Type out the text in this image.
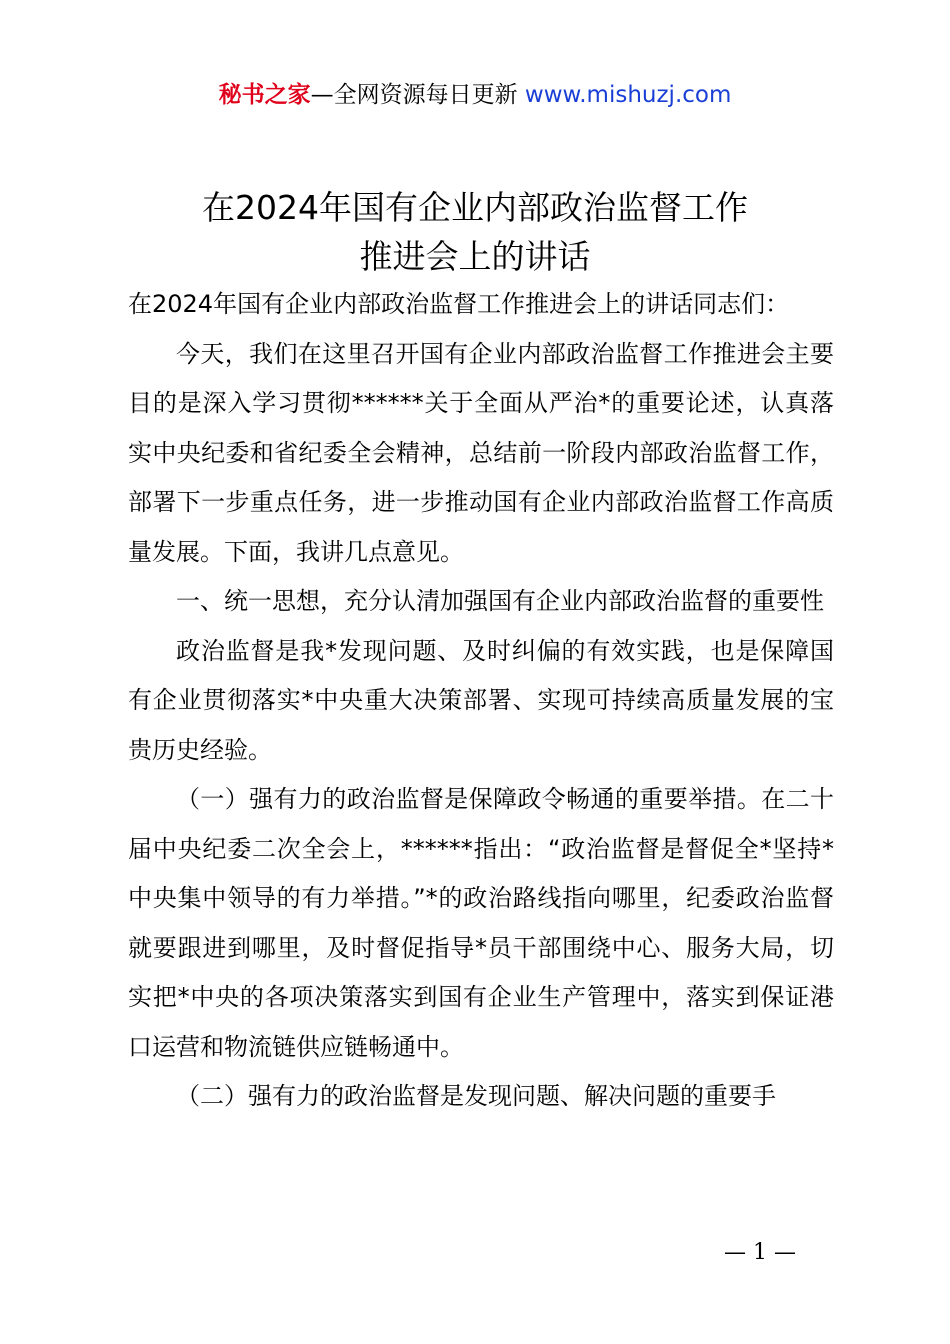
秘书之家—全网资源每日更新 www.mishuzj.com
在2024年国有企业内部政治监督工作
推进会上的讲话

在2024年国有企业内部政治监督工作推进会上的讲话同志们：

今天，我们在这里召开国有企业内部政治监督工作推进会主要目的是深入学习贯彻******关于全面从严治*的重要论述，认真落实中央纪委和省纪委全会精神，总结前一阶段内部政治监督工作，部署下一步重点任务，进一步推动国有企业内部政治监督工作高质量发展。下面，我讲几点意见。

一、统一思想，充分认清加强国有企业内部政治监督的重要性

政治监督是我*发现问题、及时纠偏的有效实践，也是保障国有企业贯彻落实*中央重大决策部署、实现可持续高质量发展的宝贵历史经验。

（一）强有力的政治监督是保障政令畅通的重要举措。在二十届中央纪委二次全会上，******指出：“政治监督是督促全*坚持*中央集中领导的有力举措。”*的政治路线指向哪里，纪委政治监督就要跟进到哪里，及时督促指导*员干部围绕中心、服务大局，切实把*中央的各项决策落实到国有企业生产管理中，落实到保证港口运营和物流链供应链畅通中。

（二）强有力的政治监督是发现问题、解决问题的重要手

— 1 —
